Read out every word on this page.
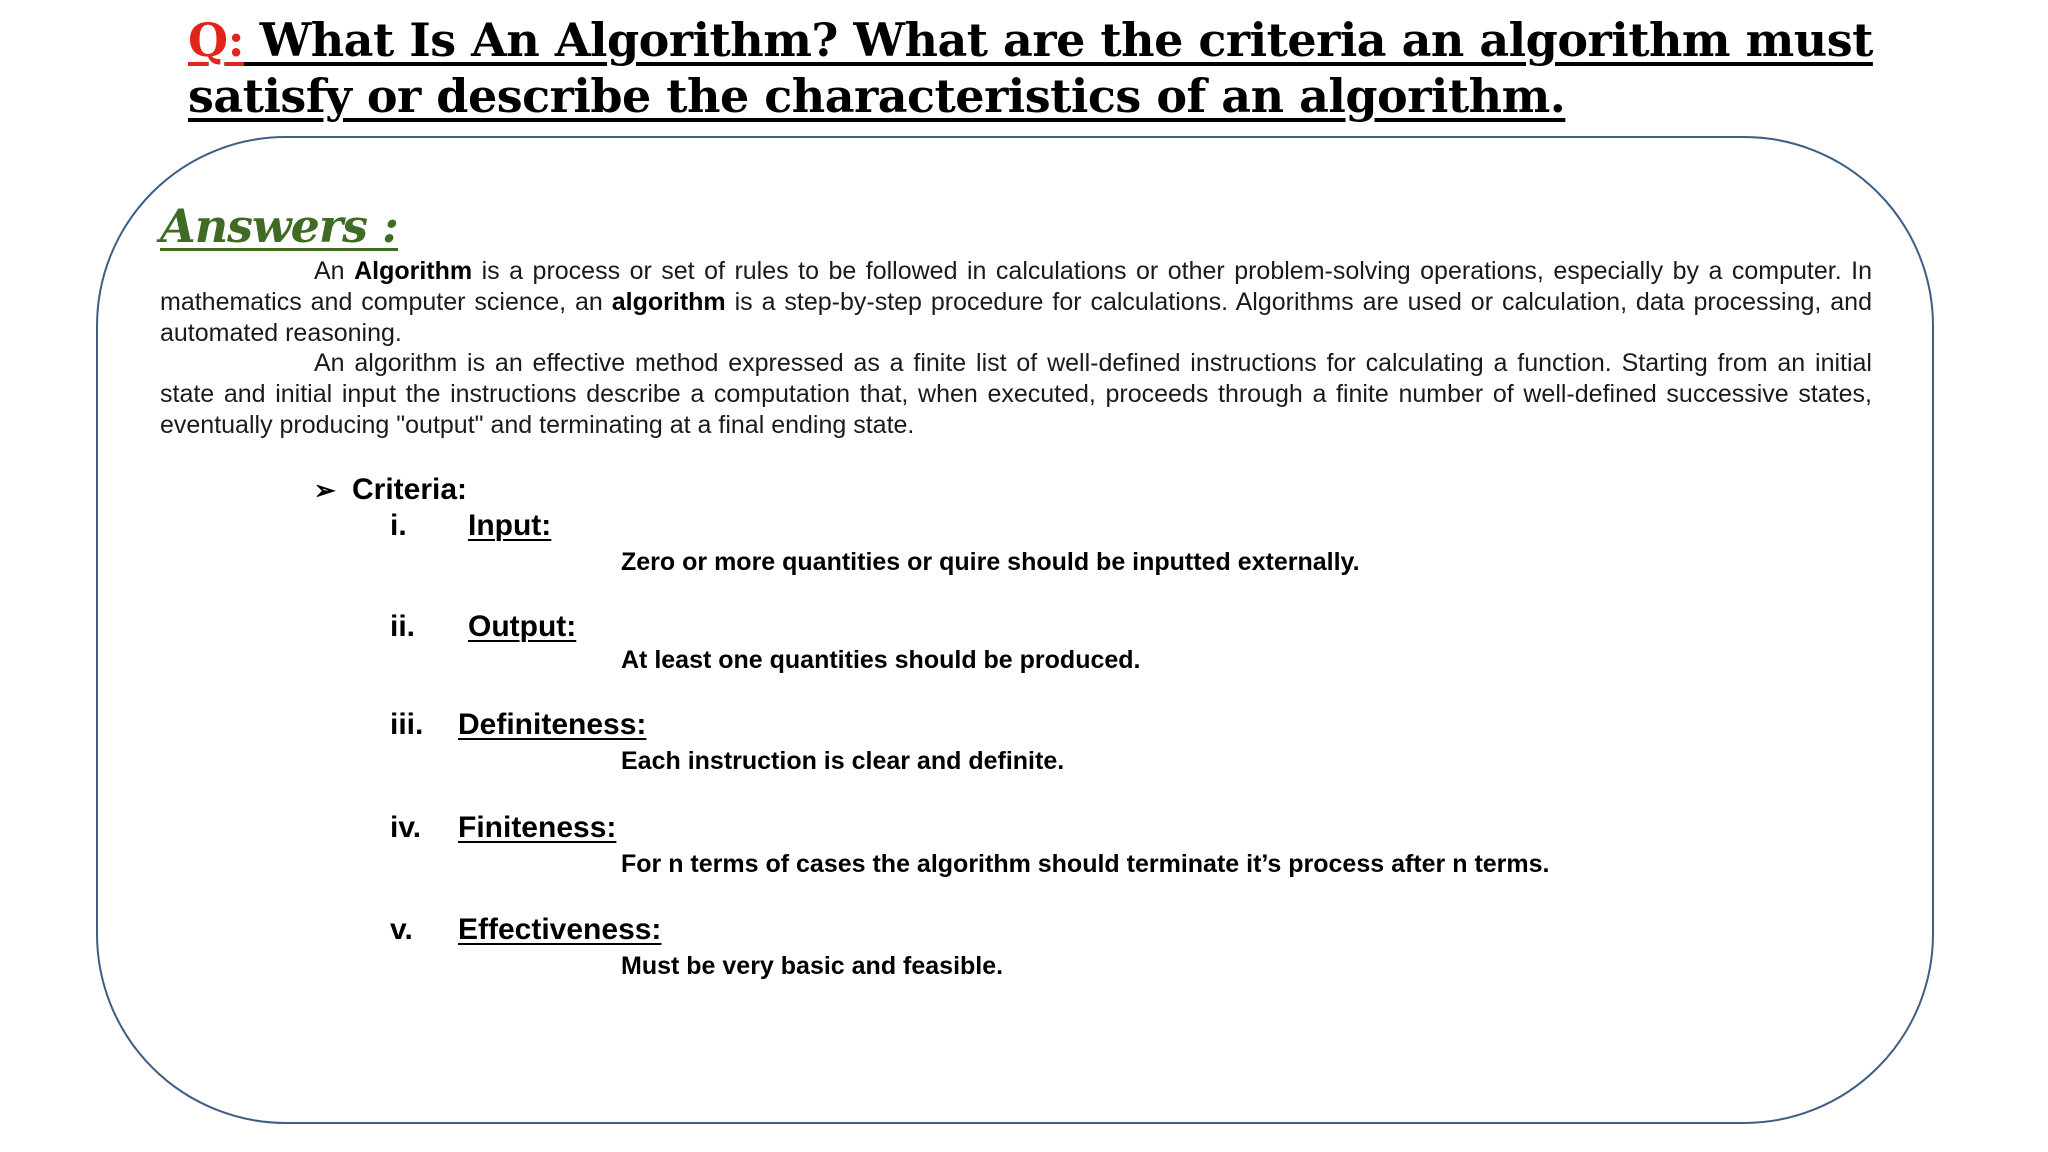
Q: What Is An Algorithm? What are the criteria an algorithm must satisfy or describe the characteristics of an algorithm.
Answers :

An Algorithm is a process or set of rules to be followed in calculations or other problem-solving operations, especially by a computer. In mathematics and computer science, an algorithm is a step-by-step procedure for calculations. Algorithms are used or calculation, data processing, and automated reasoning.

An algorithm is an effective method expressed as a finite list of well-defined instructions for calculating a function. Starting from an initial state and initial input the instructions describe a computation that, when executed, proceeds through a finite number of well-defined successive states, eventually producing "output" and terminating at a final ending state.

➢ Criteria:
i. Input:
Zero or more quantities or quire should be inputted externally.
ii. Output:
At least one quantities should be produced.
iii. Definiteness:
Each instruction is clear and definite.
iv. Finiteness:
For n terms of cases the algorithm should terminate it’s process after n terms.
v. Effectiveness:
Must be very basic and feasible.
